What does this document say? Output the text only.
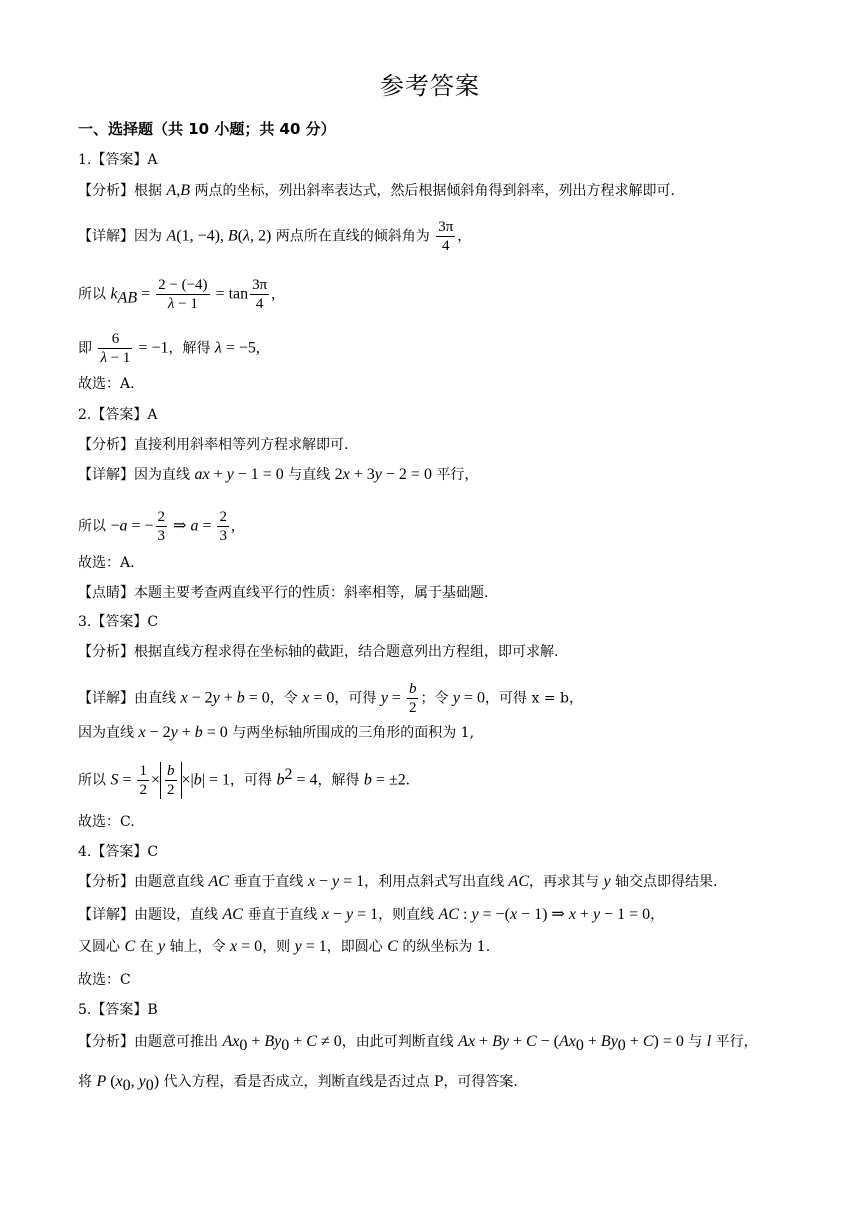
参考答案
一、选择题（共 10 小题；共 40 分）
1.【答案】A
【分析】根据 A,B 两点的坐标，列出斜率表达式，然后根据倾斜角得到斜率，列出方程求解即可.
【详解】因为 A(1, −4), B(λ, 2) 两点所在直线的倾斜角为 $\frac{3\pi}{4}$ ，
所以 $k_{AB} = \frac{2 - (-4)}{\lambda - 1} = \tan \frac{3\pi}{4}$ ,
即 $\frac{6}{\lambda - 1} = -1$，解得 λ = −5,
故选：A.
2.【答案】A
【分析】直接利用斜率相等列方程求解即可.
【详解】因为直线 ax + y − 1 = 0 与直线 2x + 3y − 2 = 0 平行，
所以 −a = − $\frac{2}{3}$ ⇒ $a = \frac{2}{3}$ ,
故选：A.
【点睛】本题主要考查两直线平行的性质：斜率相等，属于基础题.
3.【答案】C
【分析】根据直线方程求得在坐标轴的截距，结合题意列出方程组，即可求解.
【详解】由直线 x − 2y + b = 0，令 x = 0，可得 $y = \frac{b}{2}$ ；令 y = 0，可得 x = b，
因为直线 x − 2y + b = 0 与两坐标轴所围成的三角形的面积为 1,
所以 $S = \frac{1}{2} \times \frac{b}{2} \times|b| = 1$，可得 $b^2 = 4$，解得 b = ±2.
故选：C.
4.【答案】C
【分析】由题意直线 AC 垂直于直线 x − y = 1，利用点斜式写出直线 AC，再求其与 y 轴交点即得结果.
【详解】由题设，直线 AC 垂直于直线 x − y = 1，则直线 AC : y = −(x − 1) ⇒ x + y − 1 = 0，
又圆心 C 在 y 轴上，令 x = 0，则 y = 1，即圆心 C 的纵坐标为 1.
故选：C
5.【答案】B
【分析】由题意可推出 $Ax_0 + By_0 + C \ne 0$，由此可判断直线 $Ax + By + C - (Ax_0 + By_0 + C) = 0$ 与 l 平行，
将 P ($x_0$, $y_0$) 代入方程，看是否成立，判断直线是否过点 P，可得答案.
